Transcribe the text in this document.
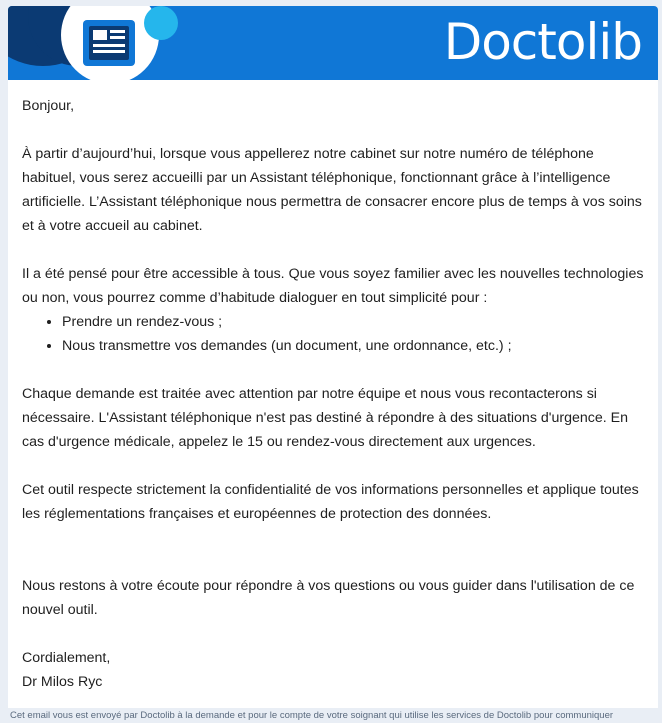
Doctolib

Bonjour,

À partir d’aujourd’hui, lorsque vous appellerez notre cabinet sur notre numéro de téléphone habituel, vous serez accueilli par un Assistant téléphonique, fonctionnant grâce à l’intelligence artificielle. L’Assistant téléphonique nous permettra de consacrer encore plus de temps à vos soins et à votre accueil au cabinet.

Il a été pensé pour être accessible à tous. Que vous soyez familier avec les nouvelles technologies ou non, vous pourrez comme d’habitude dialoguer en tout simplicité pour :

• Prendre un rendez-vous ;
• Nous transmettre vos demandes (un document, une ordonnance, etc.) ;

Chaque demande est traitée avec attention par notre équipe et nous vous recontacterons si nécessaire. L'Assistant téléphonique n'est pas destiné à répondre à des situations d'urgence. En cas d'urgence médicale, appelez le 15 ou rendez-vous directement aux urgences.

Cet outil respecte strictement la confidentialité de vos informations personnelles et applique toutes les réglementations françaises et européennes de protection des données.

Nous restons à votre écoute pour répondre à vos questions ou vous guider dans l'utilisation de ce nouvel outil.

Cordialement,

Dr Milos Ryc

Cet email vous est envoyé par Doctolib à la demande et pour le compte de votre soignant qui utilise les services de Doctolib pour communiquer
